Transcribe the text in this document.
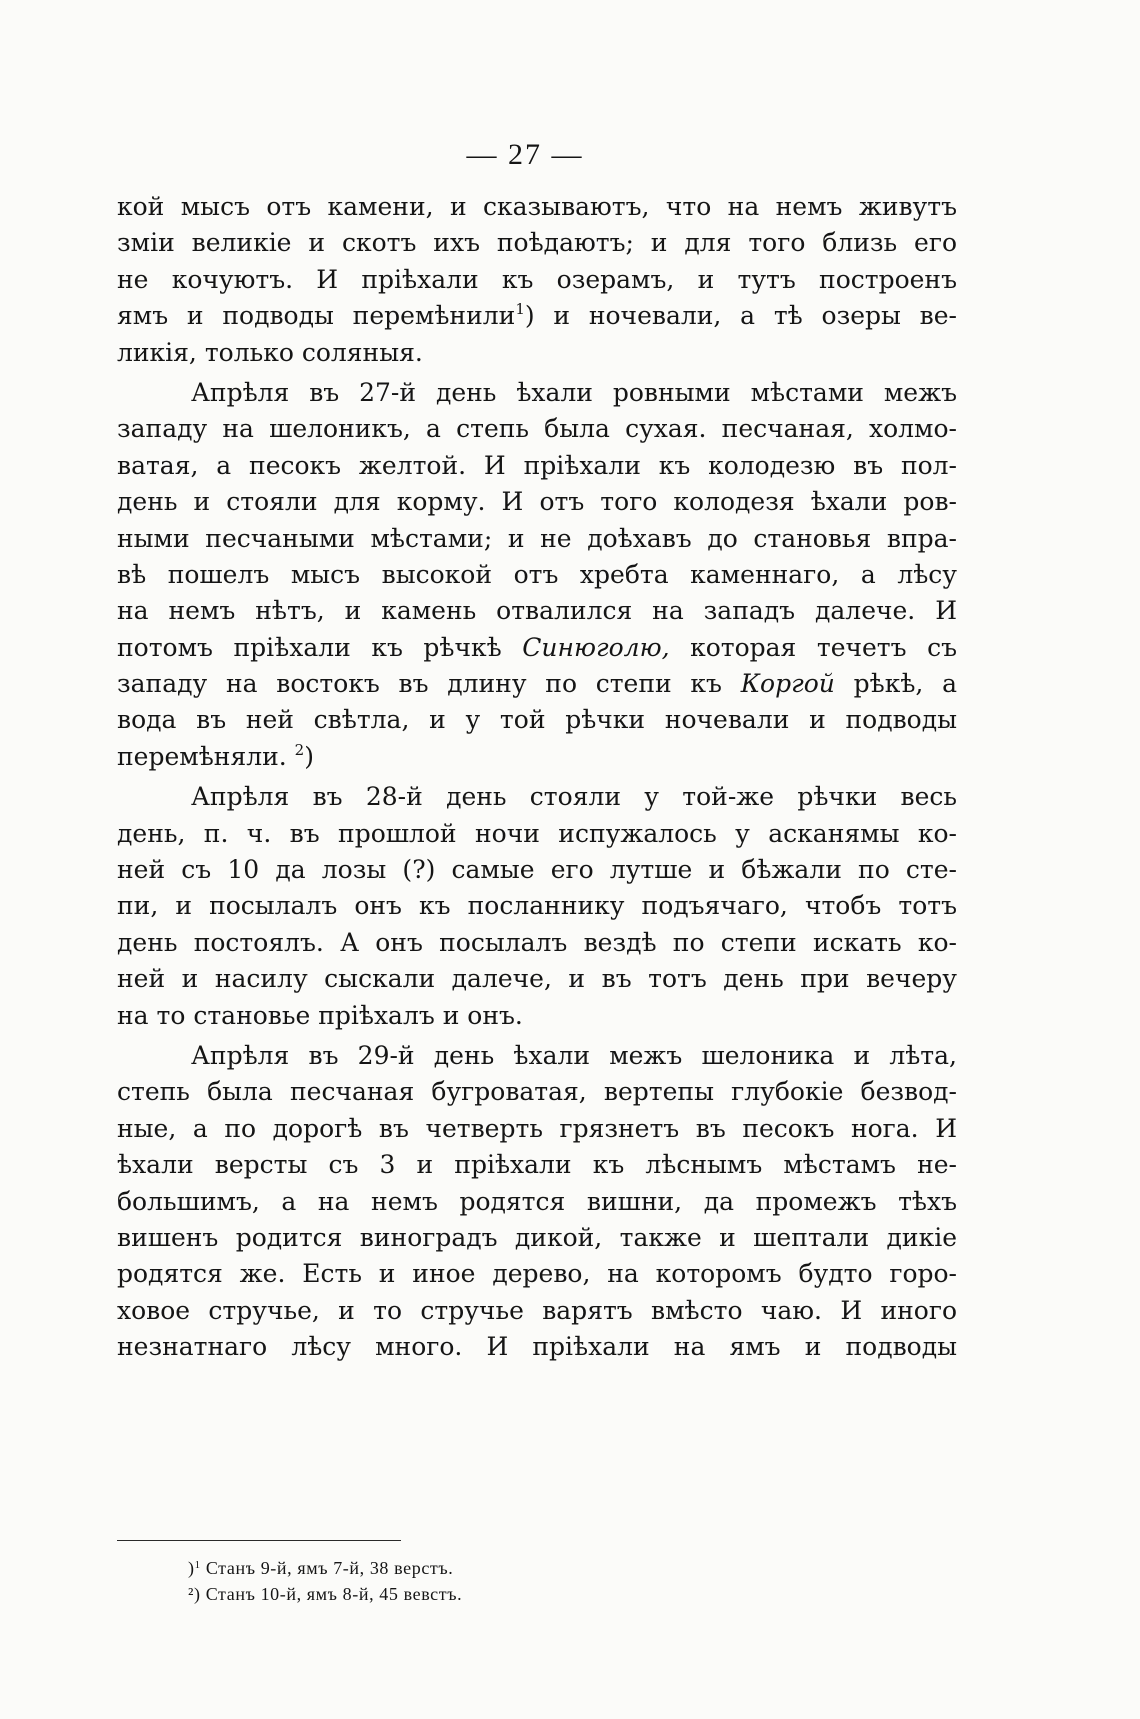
— 27 —
кой мысъ отъ камени, и сказываютъ, что на немъ живутъ
зміи великіе и скотъ ихъ поѣдаютъ; и для того близь его
не кочуютъ. И пріѣхали къ озерамъ, и тутъ построенъ
ямъ и подводы перемѣнили$^1$) и ночевали, а тѣ озеры ве-
ликія, только соляныя.
Апрѣля въ 27-й день ѣхали ровными мѣстами межъ
западу на шелоникъ, а степь была сухая. песчаная, холмо-
ватая, а песокъ желтой. И пріѣхали къ колодезю въ пол-
день и стояли для корму. И отъ того колодезя ѣхали ров-
ными песчаными мѣстами; и не доѣхавъ до становья впра-
вѣ пошелъ мысъ высокой отъ хребта каменнаго, а лѣсу
на немъ нѣтъ, и камень отвалился на западъ далече. И
потомъ пріѣхали къ рѣчкѣ Синюголю, которая течетъ съ
западу на востокъ въ длину по степи къ Коргой рѣкѣ, а
вода въ ней свѣтла, и у той рѣчки ночевали и подводы
перемѣняли. $^2$)
Апрѣля въ 28-й день стояли у той-же рѣчки весь
день, п. ч. въ прошлой ночи испужалось у асканямы ко-
ней съ 10 да лозы (?) самые его лутше и бѣжали по сте-
пи, и посылалъ онъ къ посланнику подъячаго, чтобъ тотъ
день постоялъ. А онъ посылалъ вездѣ по степи искать ко-
ней и насилу сыскали далече, и въ тотъ день при вечеру
на то становье пріѣхалъ и онъ.
Апрѣля въ 29-й день ѣхали межъ шелоника и лѣта,
степь была песчаная бугроватая, вертепы глубокіе безвод-
ные, а по дорогѣ въ четверть грязнетъ въ песокъ нога. И
ѣхали версты съ 3 и пріѣхали къ лѣснымъ мѣстамъ не-
большимъ, а на немъ родятся вишни, да промежъ тѣхъ
вишенъ родится виноградъ дикой, также и шептали дикіе
родятся же. Есть и иное дерево, на которомъ будто горо-
ховое стручье, и то стручье варятъ вмѣсто чаю. И иного
незнатнаго лѣсу много. И пріѣхали на ямъ и подводы
)$^1$ Станъ 9-й, ямъ 7-й, 38 верстъ.
²) Станъ 10-й, ямъ 8-й, 45 вевстъ.
